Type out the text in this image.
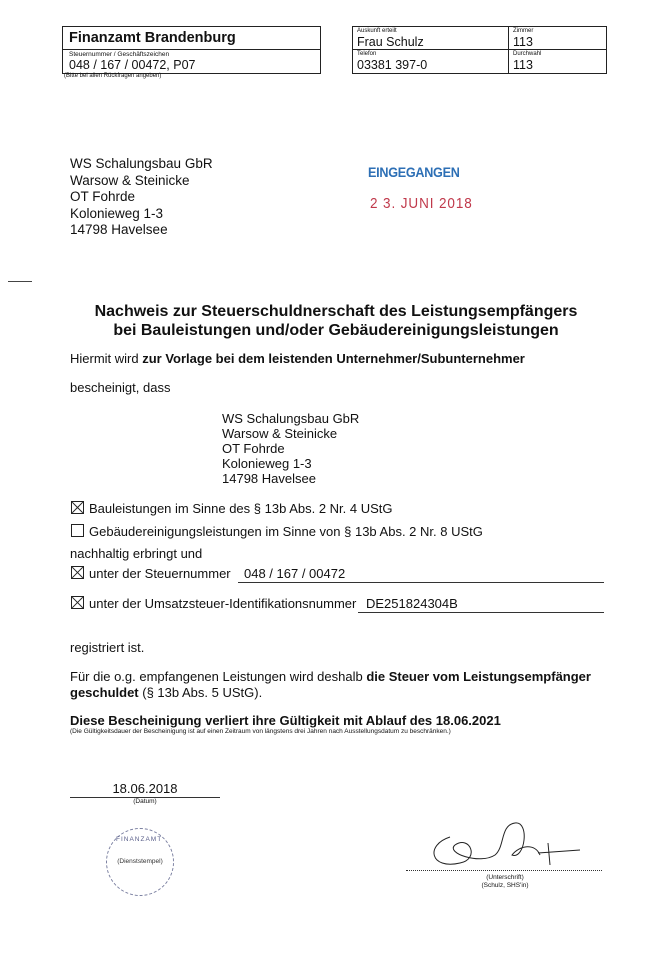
Finanzamt Brandenburg
Steuernummer / Geschäftszeichen
048 / 167 / 00472, P07
(Bitte bei allen Rückfragen angeben)
Auskunft erteilt
Frau Schulz
Zimmer
113
Telefon
03381 397-0
Durchwahl
113
WS Schalungsbau GbR
Warsow & Steinicke
OT Fohrde
Kolonieweg 1-3
14798 Havelsee
EINGEGANGEN
2 3. JUNI 2018
Nachweis zur Steuerschuldnerschaft des Leistungsempfängers
bei Bauleistungen und/oder Gebäudereinigungsleistungen
Hiermit wird zur Vorlage bei dem leistenden Unternehmer/Subunternehmer
bescheinigt, dass
WS Schalungsbau GbR
Warsow & Steinicke
OT Fohrde
Kolonieweg 1-3
14798 Havelsee
Bauleistungen im Sinne des § 13b Abs. 2 Nr. 4 UStG
Gebäudereinigungsleistungen im Sinne von § 13b Abs. 2 Nr. 8 UStG
nachhaltig erbringt und
unter der Steuernummer	048 / 167 / 00472
unter der Umsatzsteuer-Identifikationsnummer DE251824304B
registriert ist.
Für die o.g. empfangenen Leistungen wird deshalb die Steuer vom Leistungsempfänger
geschuldet (§ 13b Abs. 5 UStG).
Diese Bescheinigung verliert ihre Gültigkeit mit Ablauf des 18.06.2021
(Die Gültigkeitsdauer der Bescheinigung ist auf einen Zeitraum von längstens drei Jahren nach Ausstellungsdatum zu beschränken.)
18.06.2018
(Datum)
FINANZAMT
(Dienststempel)
(Unterschrift)
(Schulz, SHS'in)
